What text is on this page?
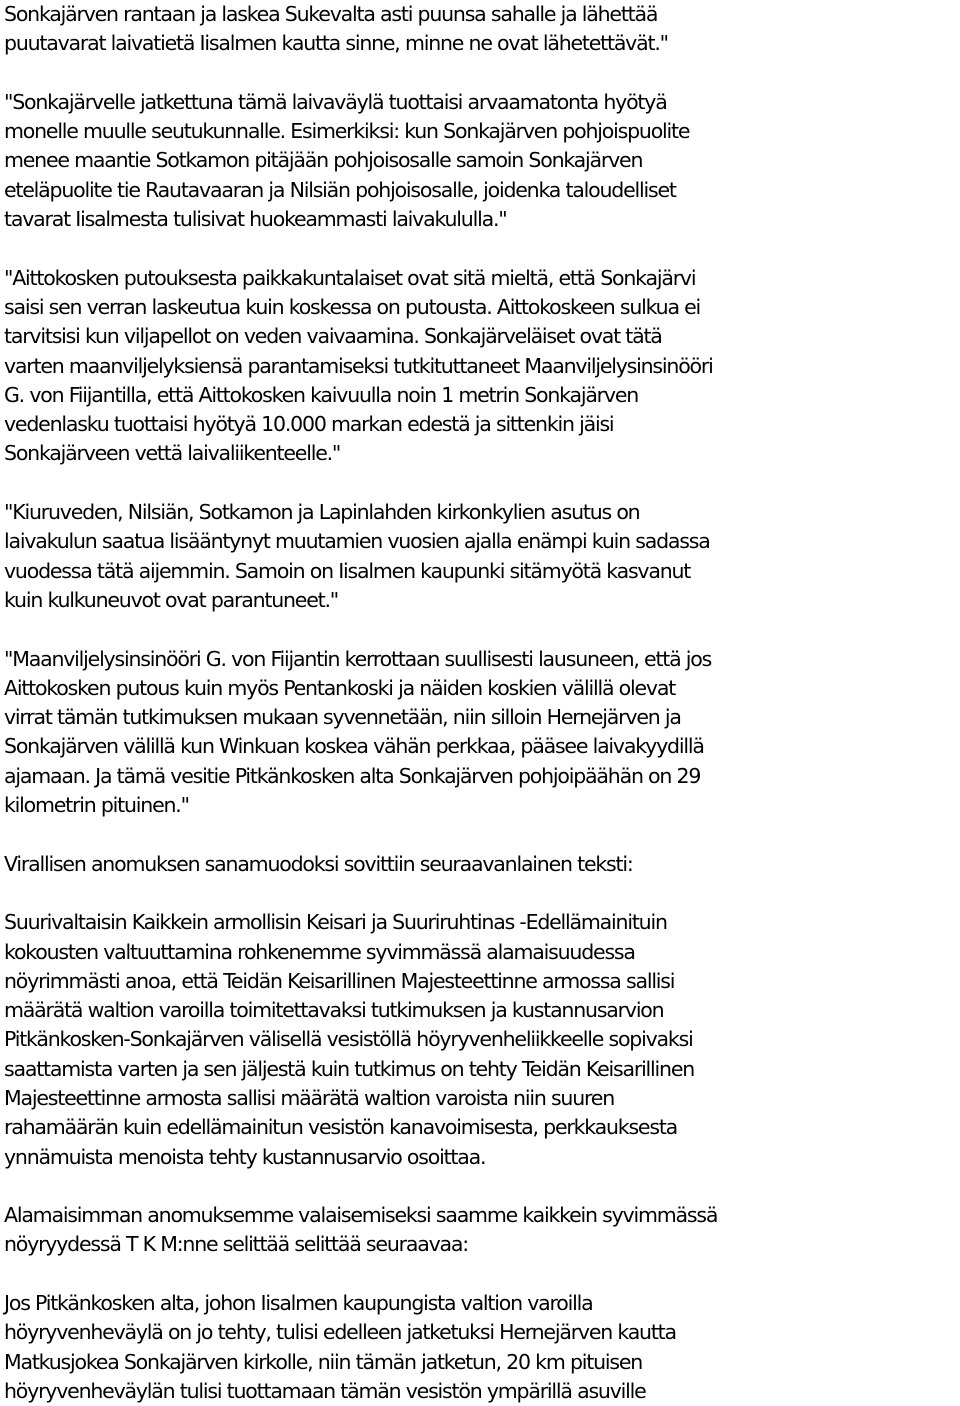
Sonkajärven rantaan ja laskea Sukevalta asti puunsa sahalle ja lähettää
puutavarat laivatietä Iisalmen kautta sinne, minne ne ovat lähetettävät."
"Sonkajärvelle jatkettuna tämä laivaväylä tuottaisi arvaamatonta hyötyä
monelle muulle seutukunnalle. Esimerkiksi: kun Sonkajärven pohjoispuolite
menee maantie Sotkamon pitäjään pohjoisosalle samoin Sonkajärven
eteläpuolite tie Rautavaaran ja Nilsiän pohjoisosalle, joidenka taloudelliset
tavarat Iisalmesta tulisivat huokeammasti laivakululla."
"Aittokosken putouksesta paikkakuntalaiset ovat sitä mieltä, että Sonkajärvi
saisi sen verran laskeutua kuin koskessa on putousta. Aittokoskeen sulkua ei
tarvitsisi kun viljapellot on veden vaivaamina. Sonkajärveläiset ovat tätä
varten maanviljelyksiensä parantamiseksi tutkituttaneet Maanviljelysinsinööri
G. von Fiijantilla, että Aittokosken kaivuulla noin 1 metrin Sonkajärven
vedenlasku tuottaisi hyötyä 10.000 markan edestä ja sittenkin jäisi
Sonkajärveen vettä laivaliikenteelle."
"Kiuruveden, Nilsiän, Sotkamon ja Lapinlahden kirkonkylien asutus on
laivakulun saatua lisääntynyt muutamien vuosien ajalla enämpi kuin sadassa
vuodessa tätä aijemmin. Samoin on Iisalmen kaupunki sitämyötä kasvanut
kuin kulkuneuvot ovat parantuneet."
"Maanviljelysinsinööri G. von Fiijantin kerrottaan suullisesti lausuneen, että jos
Aittokosken putous kuin myös Pentankoski ja näiden koskien välillä olevat
virrat tämän tutkimuksen mukaan syvennetään, niin silloin Hernejärven ja
Sonkajärven välillä kun Winkuan koskea vähän perkkaa, pääsee laivakyydillä
ajamaan. Ja tämä vesitie Pitkänkosken alta Sonkajärven pohjoipäähän on 29
kilometrin pituinen."
Virallisen anomuksen sanamuodoksi sovittiin seuraavanlainen teksti:
Suurivaltaisin Kaikkein armollisin Keisari ja Suuriruhtinas -Edellämainituin
kokousten valtuuttamina rohkenemme syvimmässä alamaisuudessa
nöyrimmästi anoa, että Teidän Keisarillinen Majesteettinne armossa sallisi
määrätä waltion varoilla toimitettavaksi tutkimuksen ja kustannusarvion
Pitkänkosken-Sonkajärven välisellä vesistöllä höyryvenheliikkeelle sopivaksi
saattamista varten ja sen jäljestä kuin tutkimus on tehty Teidän Keisarillinen
Majesteettinne armosta sallisi määrätä waltion varoista niin suuren
rahamäärän kuin edellämainitun vesistön kanavoimisesta, perkkauksesta
ynnämuista menoista tehty kustannusarvio osoittaa.
Alamaisimman anomuksemme valaisemiseksi saamme kaikkein syvimmässä
nöyryydessä T K M:nne selittää selittää seuraavaa:
Jos Pitkänkosken alta, johon Iisalmen kaupungista valtion varoilla
höyryvenheväylä on jo tehty, tulisi edelleen jatketuksi Hernejärven kautta
Matkusjokea Sonkajärven kirkolle, niin tämän jatketun, 20 km pituisen
höyryvenheväylän tulisi tuottamaan tämän vesistön ympärillä asuville
